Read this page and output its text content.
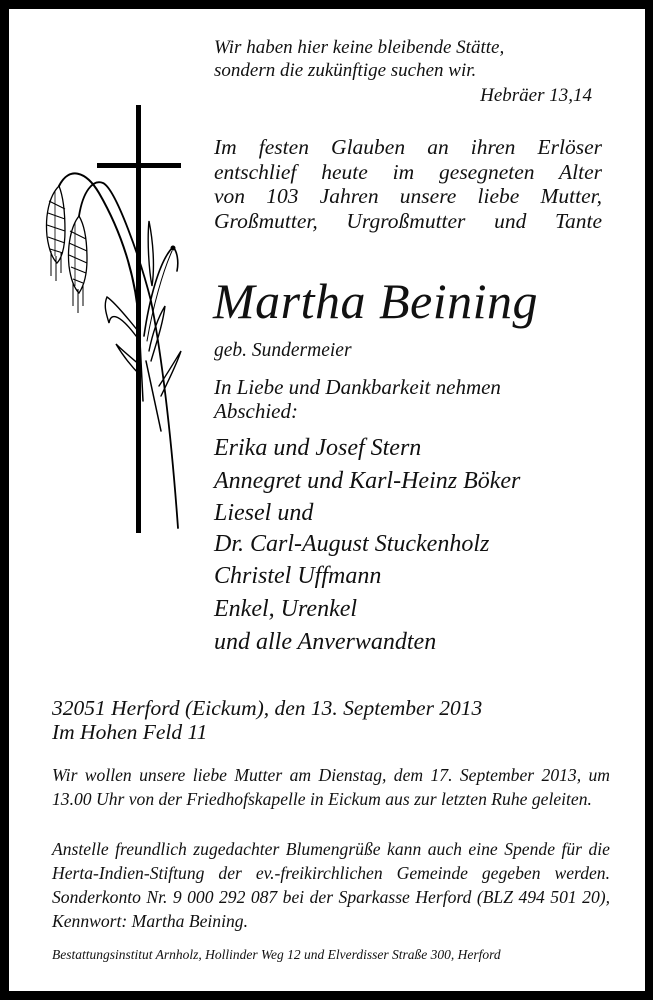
Wir haben hier keine bleibende Stätte,
sondern die zukünftige suchen wir.
Hebräer 13,14
Im festen Glauben an ihren Erlöser
entschlief heute im gesegneten Alter
von 103 Jahren unsere liebe Mutter,
Großmutter, Urgroßmutter und Tante
Martha Beining
geb. Sundermeier
In Liebe und Dankbarkeit nehmen
Abschied:
Erika und Josef Stern
Annegret und Karl-Heinz Böker
Liesel und
Dr. Carl-August Stuckenholz
Christel Uffmann
Enkel, Urenkel
und alle Anverwandten
32051 Herford (Eickum), den 13. September 2013
Im Hohen Feld 11
Wir wollen unsere liebe Mutter am Dienstag, dem 17. September 2013, um 13.00 Uhr von der Friedhofskapelle in Eickum aus zur letzten Ruhe geleiten.
Anstelle freundlich zugedachter Blumengrüße kann auch eine Spende für die Herta-Indien-Stiftung der ev.-freikirchlichen Gemeinde gegeben werden. Sonderkonto Nr. 9 000 292 087 bei der Sparkasse Herford (BLZ 494 501 20), Kennwort: Martha Beining.
Bestattungsinstitut Arnholz, Hollinder Weg 12 und Elverdisser Straße 300, Herford
